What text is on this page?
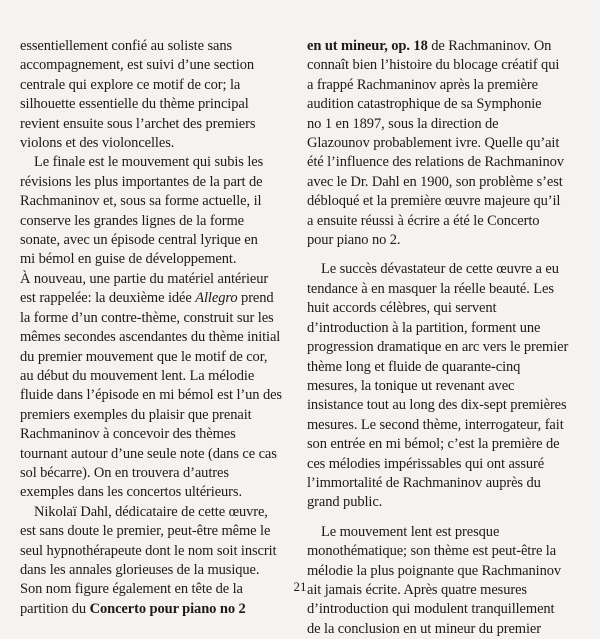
essentiellement confié au soliste sans
accompagnement, est suivi d’une section
centrale qui explore ce motif de cor; la
silhouette essentielle du thème principal
revient ensuite sous l’archet des premiers
violons et des violoncelles.

Le finale est le mouvement qui subis les
révisions les plus importantes de la part de
Rachmaninov et, sous sa forme actuelle, il
conserve les grandes lignes de la forme
sonate, avec un épisode central lyrique en
mi bémol en guise de développement.

À nouveau, une partie du matériel antérieur
est rappelée: la deuxième idée Allegro prend
la forme d’un contre-thème, construit sur les
mêmes secondes ascendantes du thème initial
du premier mouvement que le motif de cor,
au début du mouvement lent. La mélodie
fluide dans l’épisode en mi bémol est l’un des
premiers exemples du plaisir que prenait
Rachmaninov à concevoir des thèmes
tournant autour d’une seule note (dans ce cas
sol bécarre). On en trouvera d’autres
exemples dans les concertos ultérieurs.

Nikolaï Dahl, dédicataire de cette œuvre,
est sans doute le premier, peut-être même le
seul hypnothérapeute dont le nom soit inscrit
dans les annales glorieuses de la musique.
Son nom figure également en tête de la
partition du Concerto pour piano no 2

en ut mineur, op. 18 de Rachmaninov. On
connaît bien l’histoire du blocage créatif qui
a frappé Rachmaninov après la première
audition catastrophique de sa Symphonie
no 1 en 1897, sous la direction de
Glazounov probablement ivre. Quelle qu’ait
été l’influence des relations de Rachmaninov
avec le Dr. Dahl en 1900, son problème s’est
débloqué et la première œuvre majeure qu’il
a ensuite réussi à écrire a été le Concerto
pour piano no 2.

Le succès dévastateur de cette œuvre a eu
tendance à en masquer la réelle beauté. Les
huit accords célèbres, qui servent
d’introduction à la partition, forment une
progression dramatique en arc vers le premier
thème long et fluide de quarante-cinq
mesures, la tonique ut revenant avec
insistance tout au long des dix-sept premières
mesures. Le second thème, interrogateur, fait
son entrée en mi bémol; c’est la première de
ces mélodies impérissables qui ont assuré
l’immortalité de Rachmaninov auprès du
grand public.

Le mouvement lent est presque
monothématique; son thème est peut-être la
mélodie la plus poignante que Rachmaninov
ait jamais écrite. Après quatre mesures
d’introduction qui modulent tranquillement
de la conclusion en ut mineur du premier

21
